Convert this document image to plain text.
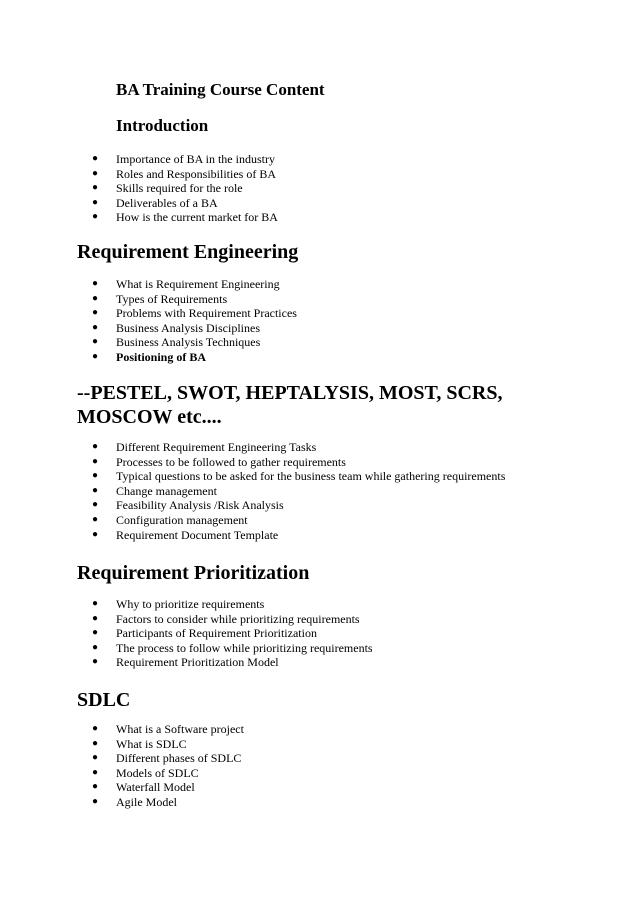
BA Training Course Content

Introduction

● Importance of BA in the industry
● Roles and Responsibilities of BA
● Skills required for the role
● Deliverables of a BA
● How is the current market for BA

Requirement Engineering

● What is Requirement Engineering
● Types of Requirements
● Problems with Requirement Practices
● Business Analysis Disciplines
● Business Analysis Techniques
● Positioning of BA

--PESTEL, SWOT, HEPTALYSIS, MOST, SCRS, MOSCOW etc....

● Different Requirement Engineering Tasks
● Processes to be followed to gather requirements
● Typical questions to be asked for the business team while gathering requirements
● Change management
● Feasibility Analysis /Risk Analysis
● Configuration management
● Requirement Document Template

Requirement Prioritization

● Why to prioritize requirements
● Factors to consider while prioritizing requirements
● Participants of Requirement Prioritization
● The process to follow while prioritizing requirements
● Requirement Prioritization Model

SDLC

● What is a Software project
● What is SDLC
● Different phases of SDLC
● Models of SDLC
● Waterfall Model
● Agile Model
